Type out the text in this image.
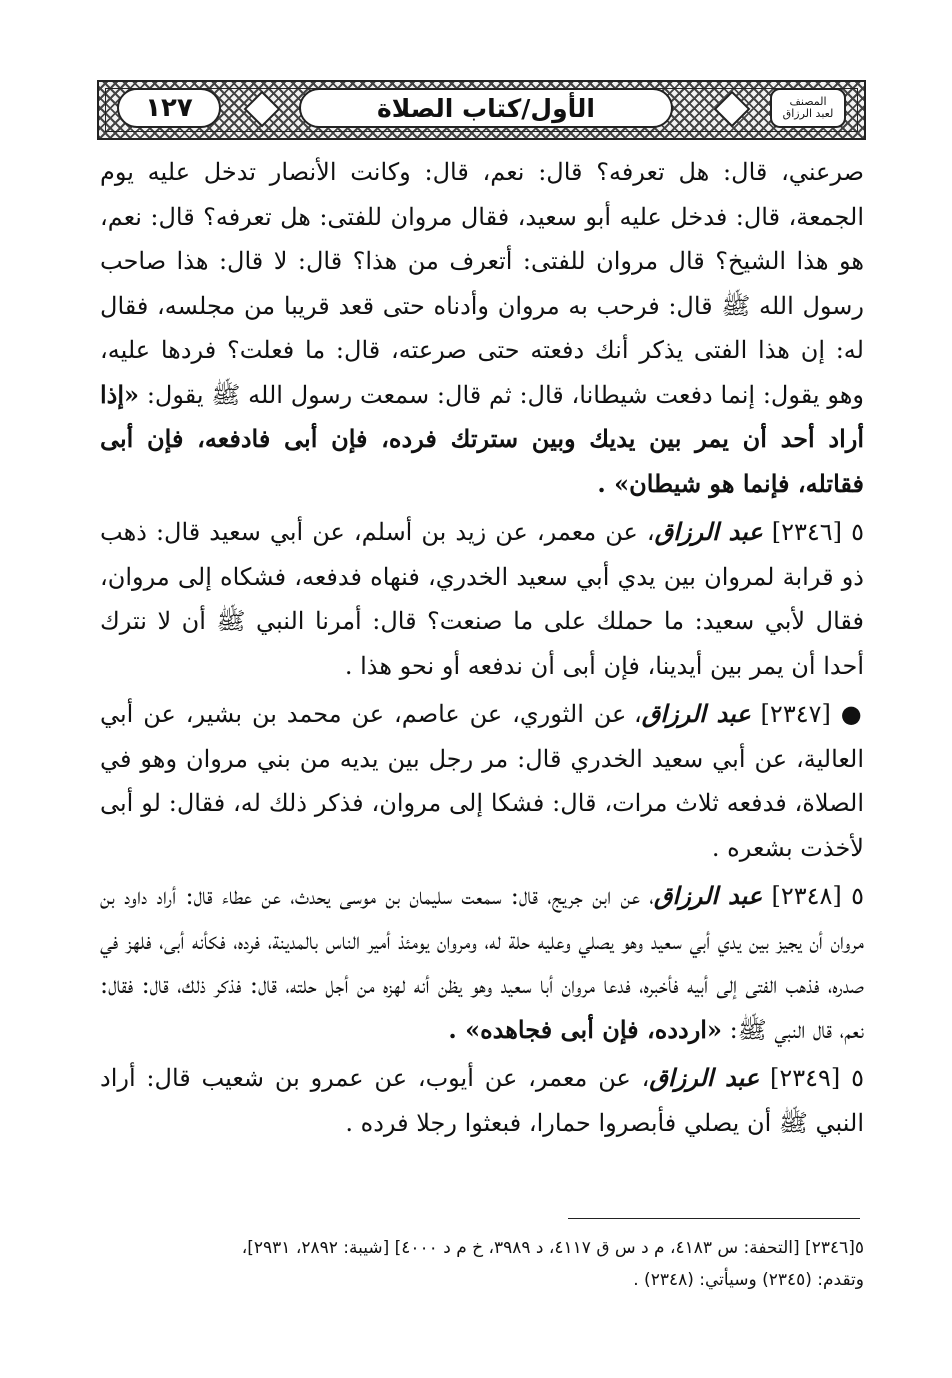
١٢٧	الأول/كتاب الصلاة	المصنف
لعبد الرزاق

صرعني، قال: هل تعرفه؟ قال: نعم، قال: وكانت الأنصار تدخل عليه يوم الجمعة، قال: فدخل عليه أبو سعيد، فقال مروان للفتى: هل تعرفه؟ قال: نعم، هو هذا الشيخ؟ قال مروان للفتى: أتعرف من هذا؟ قال: لا قال: هذا صاحب رسول الله ﷺ قال: فرحب به مروان وأدناه حتى قعد قريبا من مجلسه، فقال له: إن هذا الفتى يذكر أنك دفعته حتى صرعته، قال: ما فعلت؟ فردها عليه، وهو يقول: إنما دفعت شيطانا، قال: ثم قال: سمعت رسول الله ﷺ يقول: «إذا أراد أحد أن يمر بين يديك وبين سترتك فرده، فإن أبى فادفعه، فإن أبى فقاتله، فإنما هو شيطان» .

٥ [٢٣٤٦] عبد الرزاق، عن معمر، عن زيد بن أسلم، عن أبي سعيد قال: ذهب ذو قرابة لمروان بين يدي أبي سعيد الخدري، فنهاه فدفعه، فشكاه إلى مروان، فقال لأبي سعيد: ما حملك على ما صنعت؟ قال: أمرنا النبي ﷺ أن لا نترك أحدا أن يمر بين أيدينا، فإن أبى أن ندفعه أو نحو هذا .

● [٢٣٤٧] عبد الرزاق، عن الثوري، عن عاصم، عن محمد بن بشير، عن أبي العالية، عن أبي سعيد الخدري قال: مر رجل بين يديه من بني مروان وهو في الصلاة، فدفعه ثلاث مرات، قال: فشكا إلى مروان، فذكر ذلك له، فقال: لو أبى لأخذت بشعره .

٥ [٢٣٤٨] عبد الرزاق، عن ابن جريج، قال: سمعت سليمان بن موسى يحدث، عن عطاء قال: أراد داود بن مروان أن يجيز بين يدي أبي سعيد وهو يصلي وعليه حلة له، ومروان يومئذ أمير الناس بالمدينة، فرده، فكأنه أبى، فلهز في صدره، فذهب الفتى إلى أبيه فأخبره، فدعا مروان أبا سعيد وهو يظن أنه لهزه من أجل حلته، قال: فذكر ذلك، قال: فقال: نعم، قال النبي ﷺ: «اردده، فإن أبى فجاهده» .

٥ [٢٣٤٩] عبد الرزاق، عن معمر، عن أيوب، عن عمرو بن شعيب قال: أراد النبي ﷺ أن يصلي فأبصروا حمارا، فبعثوا رجلا فرده .

٥[٢٣٤٦] [التحفة: س ٤١٨٣، م د س ق ٤١١٧، د ٣٩٨٩، خ م د ٤٠٠٠] [شيبة: ٢٨٩٢، ٢٩٣١]،

وتقدم: (٢٣٤٥) وسيأتي: (٢٣٤٨) .
